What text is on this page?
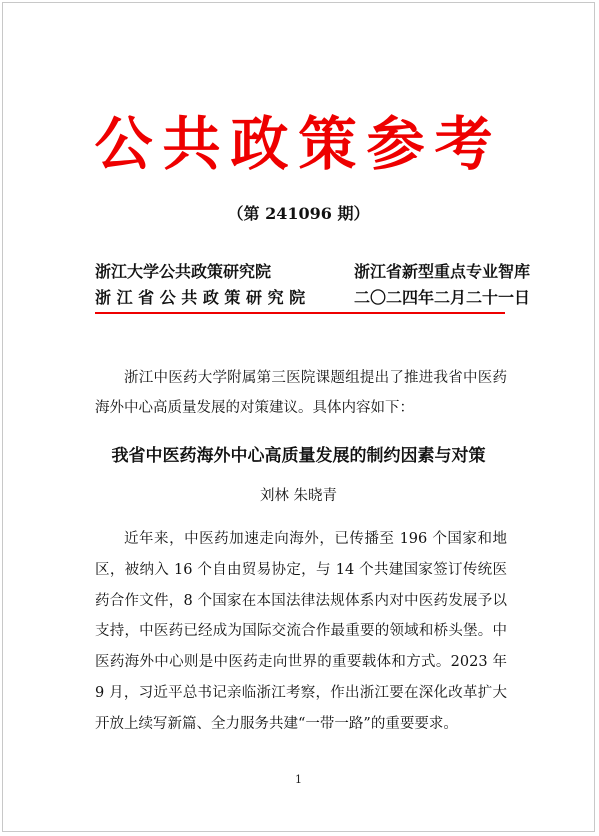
公共政策参考
（第 241096 期）
浙江大学公共政策研究院
浙 江 省 公 共 政 策 研 究 院
浙江省新型重点专业智库
二〇二四年二月二十一日
浙江中医药大学附属第三医院课题组提出了推进我省中医药海外中心高质量发展的对策建议。具体内容如下：
我省中医药海外中心高质量发展的制约因素与对策
刘林 朱晓青
近年来，中医药加速走向海外，已传播至 196 个国家和地区，被纳入 16 个自由贸易协定，与 14 个共建国家签订传统医药合作文件，8 个国家在本国法律法规体系内对中医药发展予以支持，中医药已经成为国际交流合作最重要的领域和桥头堡。中医药海外中心则是中医药走向世界的重要载体和方式。2023 年 9 月，习近平总书记亲临浙江考察，作出浙江要在深化改革扩大开放上续写新篇、全力服务共建“一带一路”的重要要求。
1
